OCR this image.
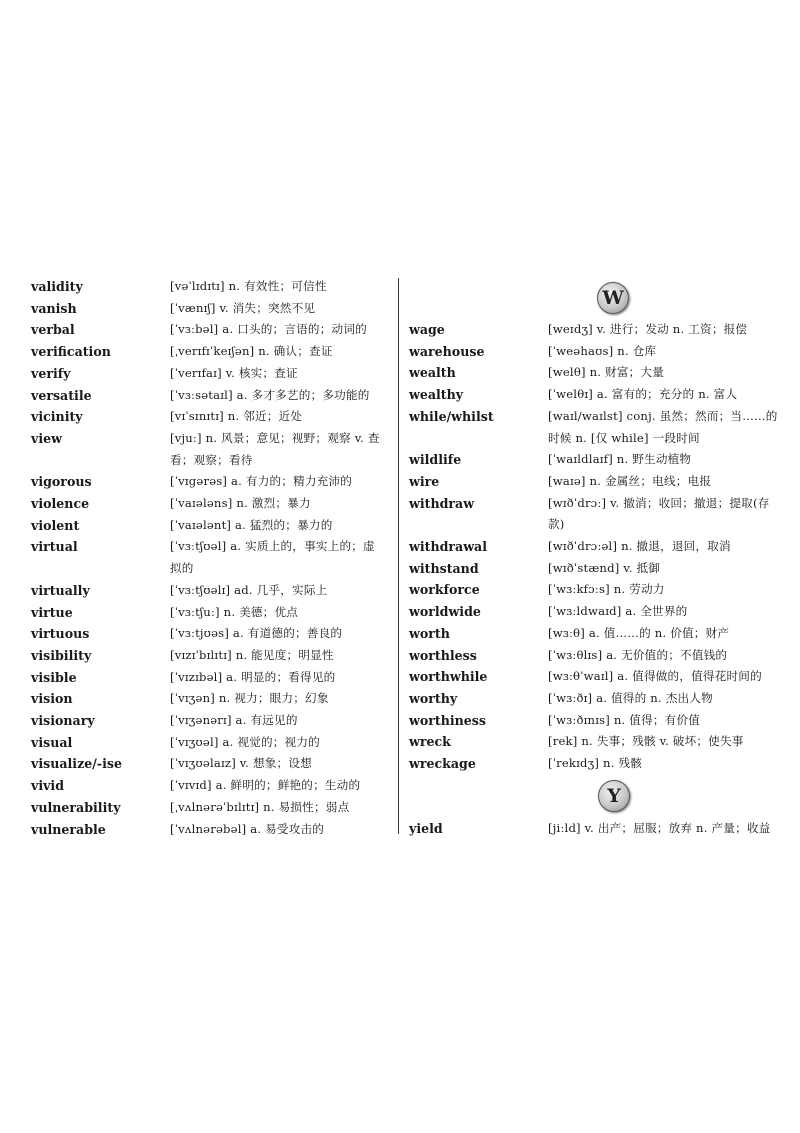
validity	[vəˈlɪdɪtɪ] n. 有效性；可信性
vanish	[ˈvænɪʃ] v. 消失；突然不见
verbal	[ˈvɜːbəl] a. 口头的；言语的；动词的
verification	[ˌverɪfɪˈkeɪʃən] n. 确认；查证
verify	[ˈverɪfaɪ] v. 核实；查证
versatile	[ˈvɜːsətaɪl] a. 多才多艺的；多功能的
vicinity	[vɪˈsɪnɪtɪ] n. 邻近；近处
view	[vjuː] n. 风景；意见；视野；观察 v. 查看；观察；看待
vigorous	[ˈvɪgərəs] a. 有力的；精力充沛的
violence	[ˈvaɪələns] n. 激烈；暴力
violent	[ˈvaɪələnt] a. 猛烈的；暴力的
virtual	[ˈvɜːtʃʊəl] a. 实质上的，事实上的；虚拟的
virtually	[ˈvɜːtʃʊəlɪ] ad. 几乎，实际上
virtue	[ˈvɜːtʃuː] n. 美德；优点
virtuous	[ˈvɜːtjʊəs] a. 有道德的；善良的
visibility	[vɪzɪˈbɪlɪtɪ] n. 能见度；明显性
visible	[ˈvɪzɪbəl] a. 明显的；看得见的
vision	[ˈvɪʒən] n. 视力；眼力；幻象
visionary	[ˈvɪʒənərɪ] a. 有远见的
visual	[ˈvɪʒʊəl] a. 视觉的；视力的
visualize/-ise	[ˈvɪʒʊəlaɪz] v. 想象；设想
vivid	[ˈvɪvɪd] a. 鲜明的；鲜艳的；生动的
vulnerability	[ˌvʌlnərəˈbɪlɪtɪ] n. 易损性；弱点
vulnerable	[ˈvʌlnərəbəl] a. 易受攻击的
W
wage	[weɪdʒ] v. 进行；发动 n. 工资；报偿
warehouse	[ˈweəhaʊs] n. 仓库
wealth	[welθ] n. 财富；大量
wealthy	[ˈwelθɪ] a. 富有的；充分的 n. 富人
while/whilst	[waɪl/waɪlst] conj. 虽然；然而；当……的时候 n. [仅 while] 一段时间
wildlife	[ˈwaɪldlaɪf] n. 野生动植物
wire	[waɪə] n. 金属丝；电线；电报
withdraw	[wɪðˈdrɔː] v. 撤消；收回；撤退；提取(存款)
withdrawal	[wɪðˈdrɔːəl] n. 撤退，退回，取消
withstand	[wɪðˈstænd] v. 抵御
workforce	[ˈwɜːkfɔːs] n. 劳动力
worldwide	[ˈwɜːldwaɪd] a. 全世界的
worth	[wɜːθ] a. 值……的 n. 价值；财产
worthless	[ˈwɜːθlɪs] a. 无价值的；不值钱的
worthwhile	[wɜːθˈwaɪl] a. 值得做的，值得花时间的
worthy	[ˈwɜːðɪ] a. 值得的 n. 杰出人物
worthiness	[ˈwɜːðɪnɪs] n. 值得；有价值
wreck	[rek] n. 失事；残骸 v. 破坏；使失事
wreckage	[ˈrekɪdʒ] n. 残骸
Y
yield	[jiːld] v. 出产；屈服；放弃 n. 产量；收益
